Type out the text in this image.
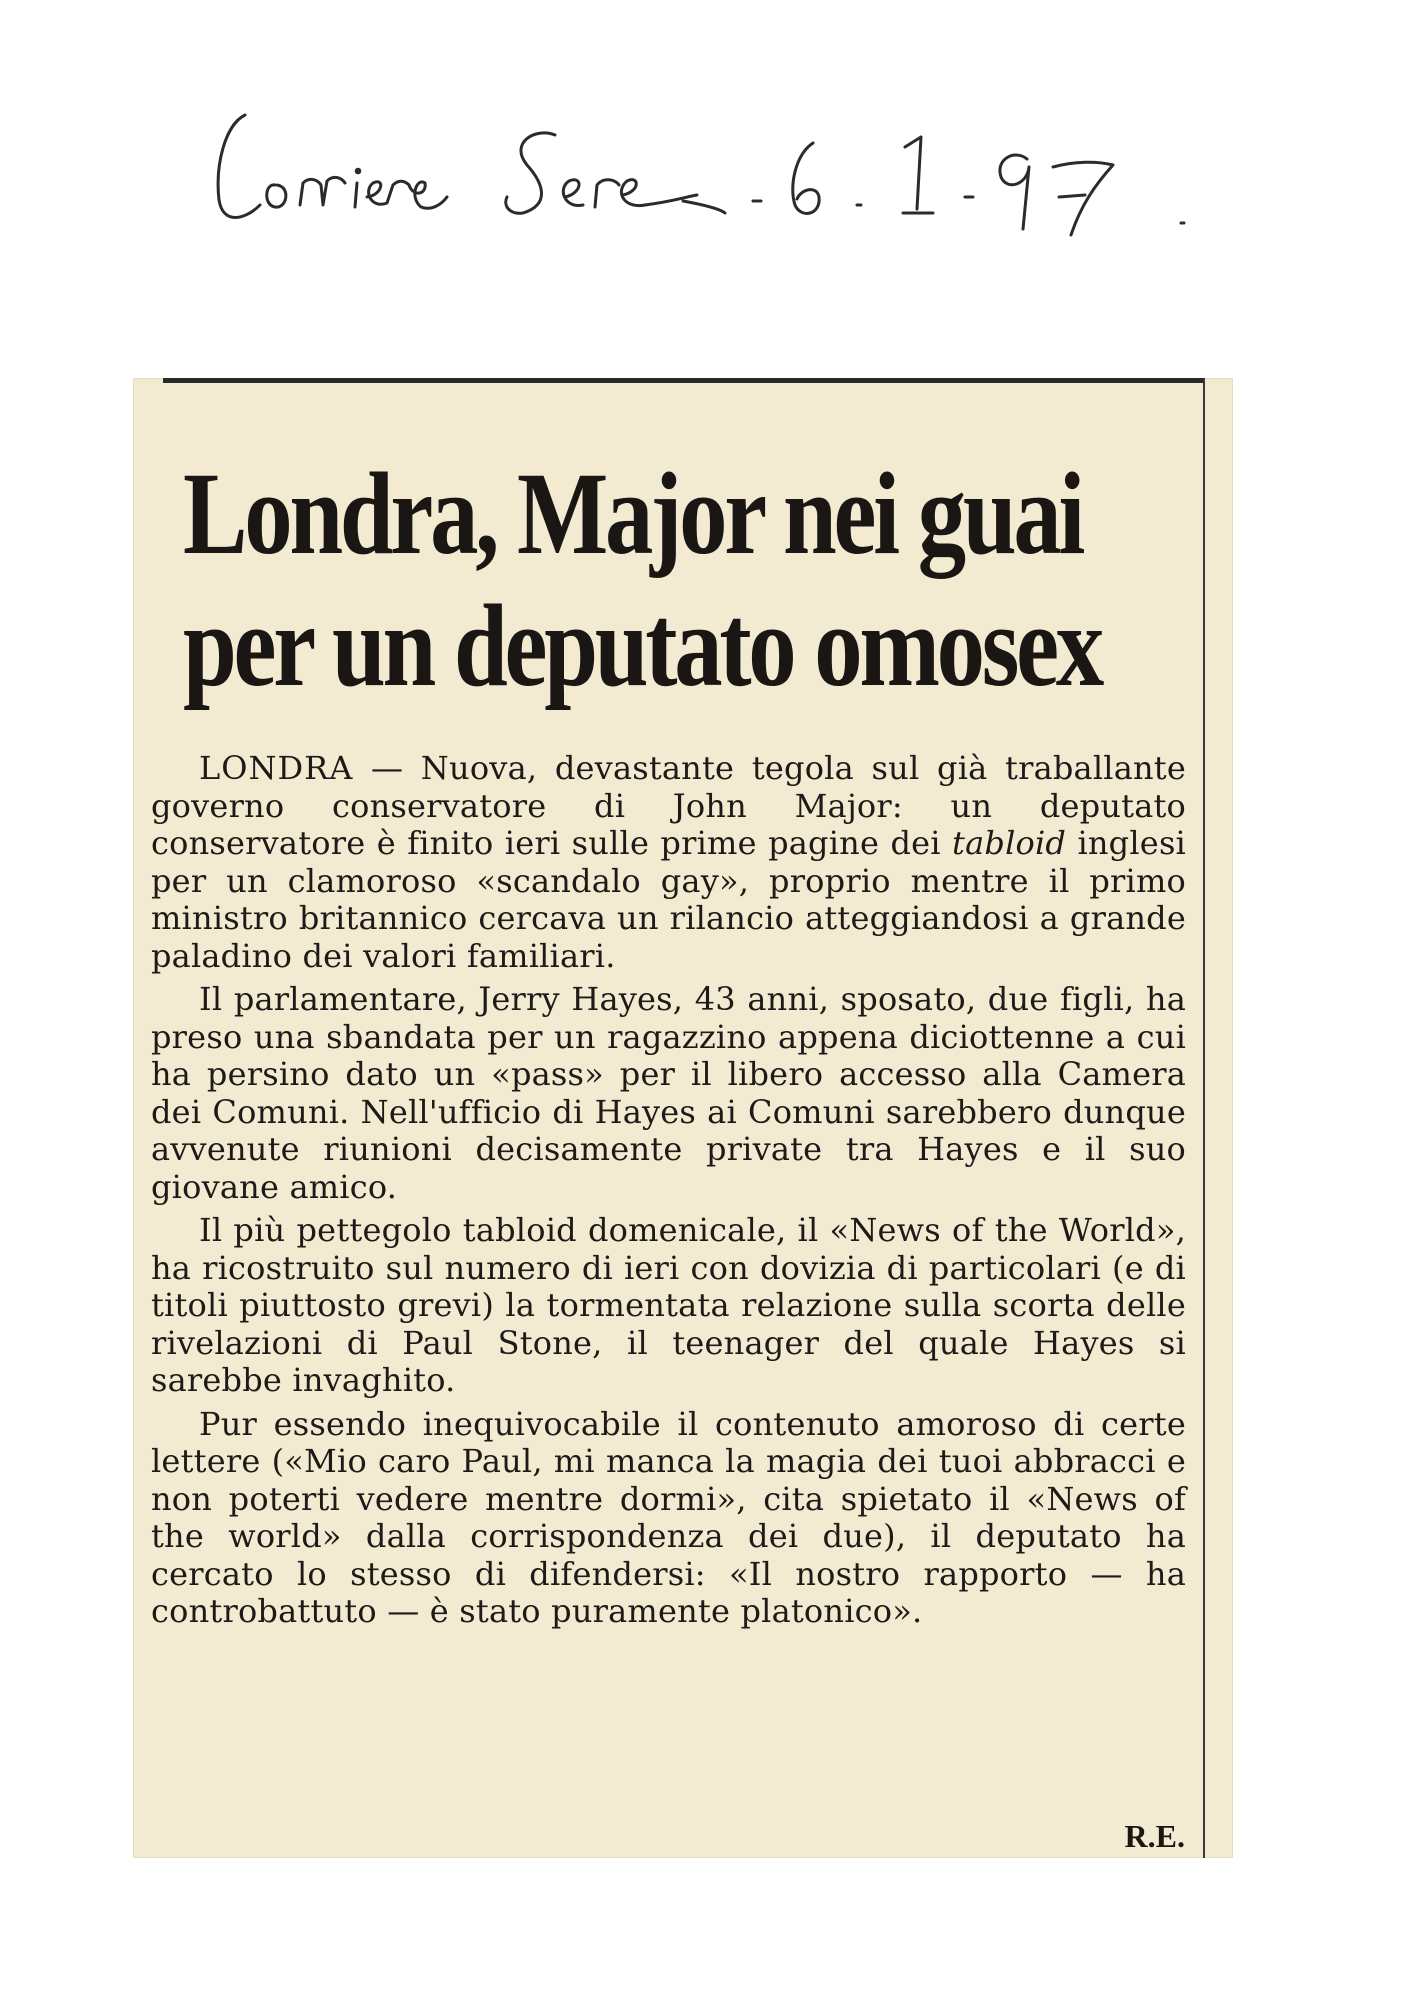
Londra, Major nei guai
per un deputato omosex

LONDRA — Nuova, devastante tegola sul già traballante governo conservatore di John Major: un deputato conservatore è finito ieri sulle prime pagine dei tabloid inglesi per un clamoroso «scandalo gay», proprio mentre il primo ministro britannico cercava un rilancio atteggiandosi a grande paladino dei valori familiari.

Il parlamentare, Jerry Hayes, 43 anni, sposato, due figli, ha preso una sbandata per un ragazzino appena diciottenne a cui ha persino dato un «pass» per il libero accesso alla Camera dei Comuni. Nell'ufficio di Hayes ai Comuni sarebbero dunque avvenute riunioni decisamente private tra Hayes e il suo giovane amico.

Il più pettegolo tabloid domenicale, il «News of the World», ha ricostruito sul numero di ieri con dovizia di particolari (e di titoli piuttosto grevi) la tormentata relazione sulla scorta delle rivelazioni di Paul Stone, il teenager del quale Hayes si sarebbe invaghito.

Pur essendo inequivocabile il contenuto amoroso di certe lettere («Mio caro Paul, mi manca la magia dei tuoi abbracci e non poterti vedere mentre dormi», cita spietato il «News of the world» dalla corrispondenza dei due), il deputato ha cercato lo stesso di difendersi: «Il nostro rapporto — ha controbattuto — è stato puramente platonico».

R.E.
